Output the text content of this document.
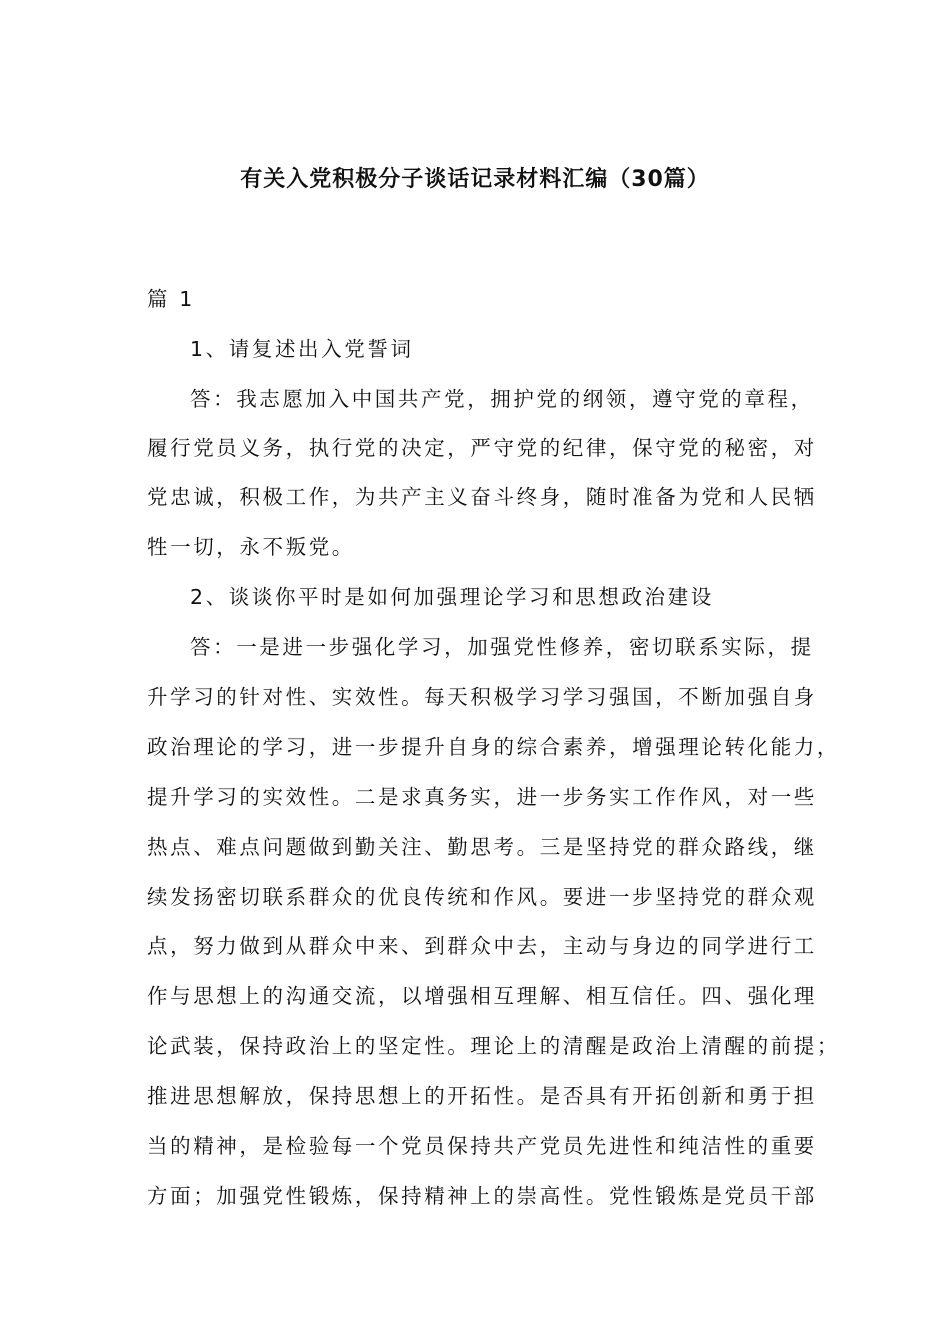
有关入党积极分子谈话记录材料汇编（30篇）
篇 1
1、请复述出入党誓词
答：我志愿加入中国共产党，拥护党的纲领，遵守党的章程，
履行党员义务，执行党的决定，严守党的纪律，保守党的秘密，对
党忠诚，积极工作，为共产主义奋斗终身，随时准备为党和人民牺
牲一切，永不叛党。
2、谈谈你平时是如何加强理论学习和思想政治建设
答：一是进一步强化学习，加强党性修养，密切联系实际，提
升学习的针对性、实效性。每天积极学习学习强国，不断加强自身
政治理论的学习，进一步提升自身的综合素养，增强理论转化能力，
提升学习的实效性。二是求真务实，进一步务实工作作风，对一些
热点、难点问题做到勤关注、勤思考。三是坚持党的群众路线，继
续发扬密切联系群众的优良传统和作风。要进一步坚持党的群众观
点，努力做到从群众中来、到群众中去，主动与身边的同学进行工
作与思想上的沟通交流，以增强相互理解、相互信任。四、强化理
论武装，保持政治上的坚定性。理论上的清醒是政治上清醒的前提；
推进思想解放，保持思想上的开拓性。是否具有开拓创新和勇于担
当的精神，是检验每一个党员保持共产党员先进性和纯洁性的重要
方面；加强党性锻炼，保持精神上的崇高性。党性锻炼是党员干部
